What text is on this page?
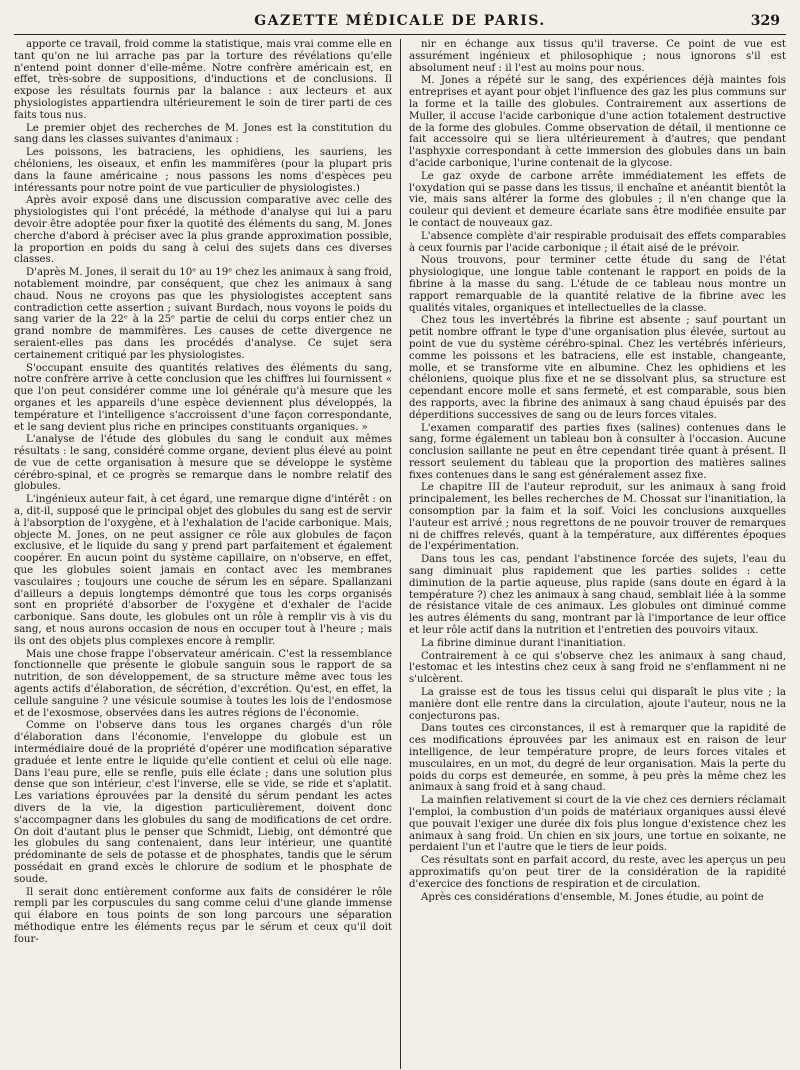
GAZETTE MÉDICALE DE PARIS.	329

apporte ce travail, froid comme la statistique, mais vrai comme elle en tant qu'on ne lui arrache pas par la torture des révélations qu'elle n'entend point donner d'elle-même. Notre confrère américain est, en effet, très-sobre de suppositions, d'inductions et de conclusions. Il expose les résultats fournis par la balance : aux lecteurs et aux physiologistes appartiendra ultérieurement le soin de tirer parti de ces faits tous nus.

Le premier objet des recherches de M. Jones est la constitution du sang dans les classes suivantes d'animaux :

Les poissons, les batraciens, les ophidiens, les sauriens, les chéloniens, les oiseaux, et enfin les mammifères (pour la plupart pris dans la faune américaine ; nous passons les noms d'espèces peu intéressants pour notre point de vue particulier de physiologistes.)

Après avoir exposé dans une discussion comparative avec celle des physiologistes qui l'ont précédé, la méthode d'analyse qui lui a paru devoir être adoptée pour fixer la quotité des éléments du sang, M. Jones cherche d'abord à préciser avec la plus grande approximation possible, la proportion en poids du sang à celui des sujets dans ces diverses classes.

D'après M. Jones, il serait du 10ᵉ au 19ᵉ chez les animaux à sang froid, notablement moindre, par conséquent, que chez les animaux à sang chaud. Nous ne croyons pas que les physiologistes acceptent sans contradiction cette assertion ; suivant Burdach, nous voyons le poids du sang varier de la 22ᵉ à la 25ᵉ partie de celui du corps entier chez un grand nombre de mammifères. Les causes de cette divergence ne seraient-elles pas dans les procédés d'analyse. Ce sujet sera certainement critiqué par les physiologistes.

S'occupant ensuite des quantités relatives des éléments du sang, notre confrère arrive à cette conclusion que les chiffres lui fournissent « que l'on peut considérer comme une loi générale qu'à mesure que les organes et les appareils d'une espèce deviennent plus développés, la température et l'intelligence s'accroissent d'une façon correspondante, et le sang devient plus riche en principes constituants organiques. »

L'analyse de l'étude des globules du sang le conduit aux mêmes résultats : le sang, considéré comme organe, devient plus élevé au point de vue de cette organisation à mesure que se développe le système cérébro-spinal, et ce progrès se remarque dans le nombre relatif des globules.

L'ingénieux auteur fait, à cet égard, une remarque digne d'intérêt : on a, dit-il, supposé que le principal objet des globules du sang est de servir à l'absorption de l'oxygène, et à l'exhalation de l'acide carbonique. Mais, objecte M. Jones, on ne peut assigner ce rôle aux globules de façon exclusive, et le liquide du sang y prend part parfaitement et également coopérer. En aucun point du système capillaire, on n'observe, en effet, que les globules soient jamais en contact avec les membranes vasculaires ; toujours une couche de sérum les en sépare. Spallanzani d'ailleurs a depuis longtemps démontré que tous les corps organisés sont en propriété d'absorber de l'oxygène et d'exhaler de l'acide carbonique. Sans doute, les globules ont un rôle à remplir vis à vis du sang, et nous aurons occasion de nous en occuper tout à l'heure ; mais ils ont des objets plus complexes encore à remplir.

Mais une chose frappe l'observateur américain. C'est la ressemblance fonctionnelle que présente le globule sanguin sous le rapport de sa nutrition, de son développement, de sa structure même avec tous les agents actifs d'élaboration, de sécrétion, d'excrétion. Qu'est, en effet, la cellule sanguine ? une vésicule soumise à toutes les lois de l'endosmose et de l'exosmose, observées dans les autres régions de l'économie.

Comme on l'observe dans tous les organes chargés d'un rôle d'élaboration dans l'économie, l'enveloppe du globule est un intermédiaire doué de la propriété d'opérer une modification séparative graduée et lente entre le liquide qu'elle contient et celui où elle nage. Dans l'eau pure, elle se renfle, puis elle éclate ; dans une solution plus dense que son intérieur, c'est l'inverse, elle se vide, se ride et s'aplatit. Les variations éprouvées par la densité du sérum pendant les actes divers de la vie, la digestion particulièrement, doivent donc s'accompagner dans les globules du sang de modifications de cet ordre. On doit d'autant plus le penser que Schmidt, Liebig, ont démontré que les globules du sang contenaient, dans leur intérieur, une quantité prédominante de sels de potasse et de phosphates, tandis que le sérum possédait en grand excès le chlorure de sodium et le phosphate de soude.

Il serait donc entièrement conforme aux faits de considérer le rôle rempli par les corpuscules du sang comme celui d'une glande immense qui élabore en tous points de son long parcours une séparation méthodique entre les éléments reçus par le sérum et ceux qu'il doit four-

nir en échange aux tissus qu'il traverse. Ce point de vue est assurément ingénieux et philosophique ; nous ignorons s'il est absolument neuf : il l'est au moins pour nous.

M. Jones a répété sur le sang, des expériences déjà maintes fois entreprises et ayant pour objet l'influence des gaz les plus communs sur la forme et la taille des globules. Contrairement aux assertions de Muller, il accuse l'acide carbonique d'une action totalement destructive de la forme des globules. Comme observation de détail, il mentionne ce fait accessoire qui se liera ultérieurement à d'autres, que pendant l'asphyxie correspondant à cette immersion des globules dans un bain d'acide carbonique, l'urine contenait de la glycose.

Le gaz oxyde de carbone arrête immédiatement les effets de l'oxydation qui se passe dans les tissus, il enchaîne et anéantit bientôt la vie, mais sans altérer la forme des globules ; il n'en change que la couleur qui devient et demeure écarlate sans être modifiée ensuite par le contact de nouveaux gaz.

L'absence complète d'air respirable produisait des effets comparables à ceux fournis par l'acide carbonique ; il était aisé de le prévoir.

Nous trouvons, pour terminer cette étude du sang de l'état physiologique, une longue table contenant le rapport en poids de la fibrine à la masse du sang. L'étude de ce tableau nous montre un rapport remarquable de la quantité relative de la fibrine avec les qualités vitales, organiques et intellectuelles de la classe.

Chez tous les invertébrés la fibrine est absente ; sauf pourtant un petit nombre offrant le type d'une organisation plus élevée, surtout au point de vue du système cérébro-spinal. Chez les vertébrés inférieurs, comme les poissons et les batraciens, elle est instable, changeante, molle, et se transforme vite en albumine. Chez les ophidiens et les chéloniens, quoique plus fixe et ne se dissolvant plus, sa structure est cependant encore molle et sans fermeté, et est comparable, sous bien des rapports, avec la fibrine des animaux à sang chaud épuisés par des déperditions successives de sang ou de leurs forces vitales.

L'examen comparatif des parties fixes (salines) contenues dans le sang, forme également un tableau bon à consulter à l'occasion. Aucune conclusion saillante ne peut en être cependant tirée quant à présent. Il ressort seulement du tableau que la proportion des matières salines fixes contenues dans le sang est généralement assez fixe.

Le chapitre III de l'auteur reproduit, sur les animaux à sang froid principalement, les belles recherches de M. Chossat sur l'inanitiation, la consomption par la faim et la soif. Voici les conclusions auxquelles l'auteur est arrivé ; nous regrettons de ne pouvoir trouver de remarques ni de chiffres relevés, quant à la température, aux différentes époques de l'expérimentation.

Dans tous les cas, pendant l'abstinence forcée des sujets, l'eau du sang diminuait plus rapidement que les parties solides : cette diminution de la partie aqueuse, plus rapide (sans doute en égard à la température ?) chez les animaux à sang chaud, semblait liée à la somme de résistance vitale de ces animaux. Les globules ont diminué comme les autres éléments du sang, montrant par là l'importance de leur office et leur rôle actif dans la nutrition et l'entretien des pouvoirs vitaux.

La fibrine diminue durant l'inanitiation.

Contrairement à ce qui s'observe chez les animaux à sang chaud, l'estomac et les intestins chez ceux à sang froid ne s'enflamment ni ne s'ulcèrent.

La graisse est de tous les tissus celui qui disparaît le plus vite ; la manière dont elle rentre dans la circulation, ajoute l'auteur, nous ne la conjecturons pas.

Dans toutes ces circonstances, il est à remarquer que la rapidité de ces modifications éprouvées par les animaux est en raison de leur intelligence, de leur température propre, de leurs forces vitales et musculaires, en un mot, du degré de leur organisation. Mais la perte du poids du corps est demeurée, en somme, à peu près la même chez les animaux à sang froid et à sang chaud.

La mainfien relativement si court de la vie chez ces derniers réclamait l'emploi, la combustion d'un poids de matériaux organiques aussi élevé que pouvait l'exiger une durée dix fois plus longue d'existence chez les animaux à sang froid. Un chien en six jours, une tortue en soixante, ne perdaient l'un et l'autre que le tiers de leur poids.

Ces résultats sont en parfait accord, du reste, avec les aperçus un peu approximatifs qu'on peut tirer de la considération de la rapidité d'exercice des fonctions de respiration et de circulation.

Après ces considérations d'ensemble, M. Jones étudie, au point de
